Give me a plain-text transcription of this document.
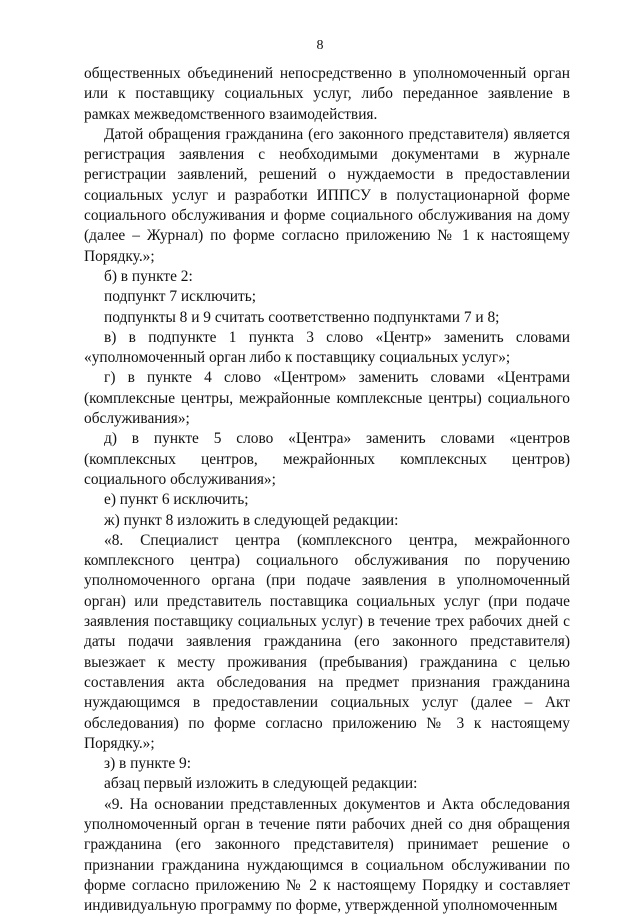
8

общественных объединений непосредственно в уполномоченный орган или к поставщику социальных услуг, либо переданное заявление в рамках межведомственного взаимодействия.

Датой обращения гражданина (его законного представителя) является регистрация заявления с необходимыми документами в журнале регистрации заявлений, решений о нуждаемости в предоставлении социальных услуг и разработки ИППСУ в полустационарной форме социального обслуживания и форме социального обслуживания на дому (далее – Журнал) по форме согласно приложению № 1 к настоящему Порядку.»;

б) в пункте 2:

подпункт 7 исключить;

подпункты 8 и 9 считать соответственно подпунктами 7 и 8;

в) в подпункте 1 пункта 3 слово «Центр» заменить словами «уполномоченный орган либо к поставщику социальных услуг»;

г) в пункте 4 слово «Центром» заменить словами «Центрами (комплексные центры, межрайонные комплексные центры) социального обслуживания»;

д) в пункте 5 слово «Центра» заменить словами «центров (комплексных центров, межрайонных комплексных центров) социального обслуживания»;

е) пункт 6 исключить;

ж) пункт 8 изложить в следующей редакции:

«8. Специалист центра (комплексного центра, межрайонного комплексного центра) социального обслуживания по поручению уполномоченного органа (при подаче заявления в уполномоченный орган) или представитель поставщика социальных услуг (при подаче заявления поставщику социальных услуг) в течение трех рабочих дней с даты подачи заявления гражданина (его законного представителя) выезжает к месту проживания (пребывания) гражданина с целью составления акта обследования на предмет признания гражданина нуждающимся в предоставлении социальных услуг (далее – Акт обследования) по форме согласно приложению № 3 к настоящему Порядку.»;

з) в пункте 9:

абзац первый изложить в следующей редакции:

«9. На основании представленных документов и Акта обследования уполномоченный орган в течение пяти рабочих дней со дня обращения гражданина (его законного представителя) принимает решение о признании гражданина нуждающимся в социальном обслуживании по форме согласно приложению № 2 к настоящему Порядку и составляет индивидуальную программу по форме, утвержденной уполномоченным
